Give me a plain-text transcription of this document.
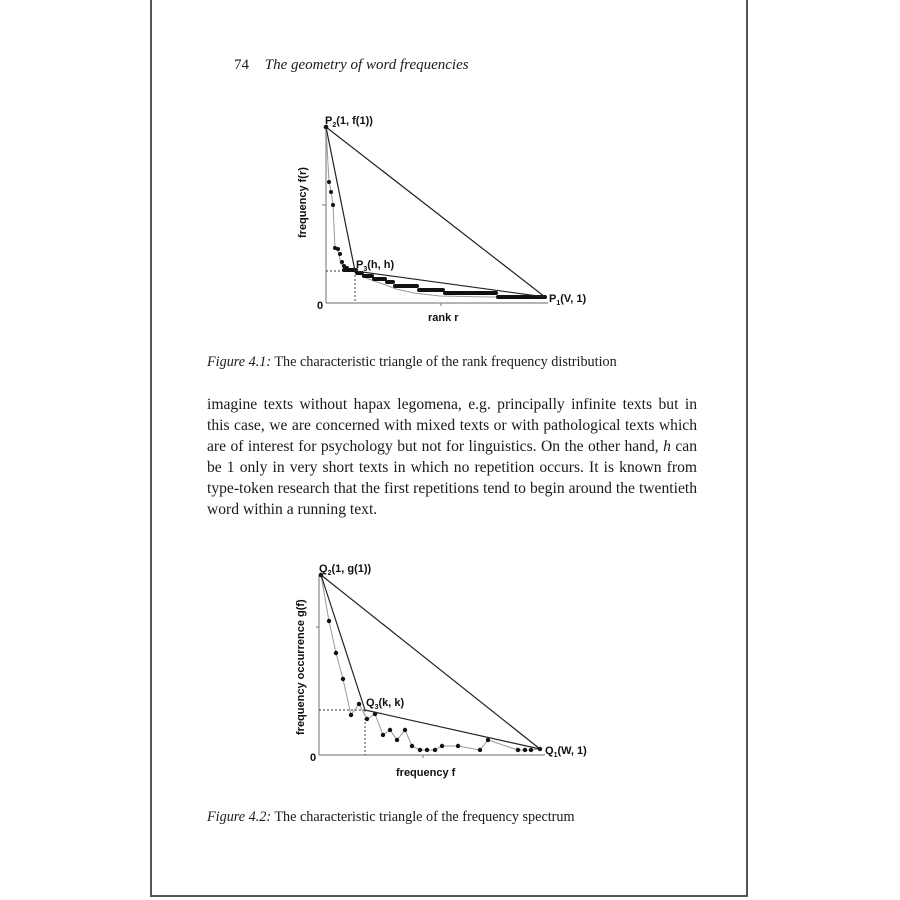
74 The geometry of word frequencies
$P_2(1$, f(1))
$P_3(h$, h)
$P_1(V$, 1)
0
rank r
frequency f(r)
Figure 4.1: The characteristic triangle of the rank frequency distribution

imagine texts without hapax legomena, e.g. principally infinite texts but in this case, we are concerned with mixed texts or with pathological texts which are of interest for psychology but not for linguistics. On the other hand, h can be 1 only in very short texts in which no repetition occurs. It is known from type-token research that the first repetitions tend to begin around the twentieth word within a running text.

$Q_2(1$, g(1))
$Q_3(k$, k)
$Q_1(W$, 1)
0
frequency f
frequency occurrence g(f)
Figure 4.2: The characteristic triangle of the frequency spectrum
